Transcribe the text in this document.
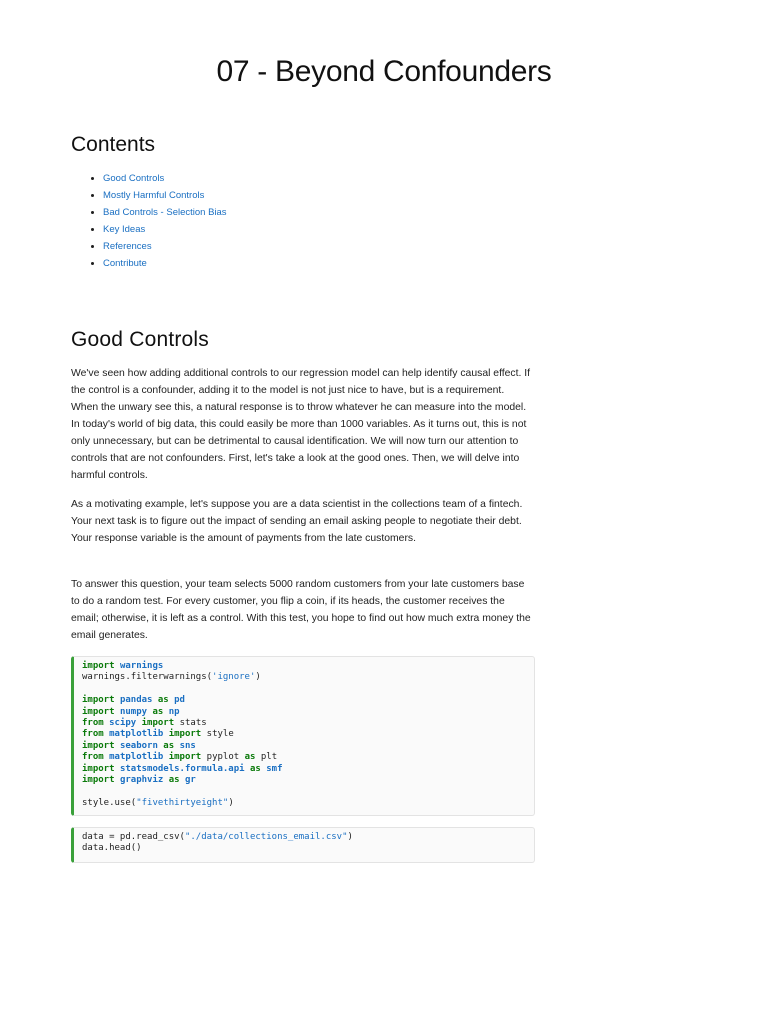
07 - Beyond Confounders
Contents
• Good Controls
• Mostly Harmful Controls
• Bad Controls - Selection Bias
• Key Ideas
• References
• Contribute
Good Controls

We've seen how adding additional controls to our regression model can help identify causal effect. If the control is a confounder, adding it to the model is not just nice to have, but is a requirement. When the unwary see this, a natural response is to throw whatever he can measure into the model. In today's world of big data, this could easily be more than 1000 variables. As it turns out, this is not only unnecessary, but can be detrimental to causal identification. We will now turn our attention to controls that are not confounders. First, let's take a look at the good ones. Then, we will delve into harmful controls.

As a motivating example, let's suppose you are a data scientist in the collections team of a fintech. Your next task is to figure out the impact of sending an email asking people to negotiate their debt. Your response variable is the amount of payments from the late customers.

To answer this question, your team selects 5000 random customers from your late customers base to do a random test. For every customer, you flip a coin, if its heads, the customer receives the email; otherwise, it is left as a control. With this test, you hope to find out how much extra money the email generates.

import warnings
warnings.filterwarnings('ignore')
import pandas as pd
import numpy as np
from scipy import stats
from matplotlib import style
import seaborn as sns
from matplotlib import pyplot as plt
import statsmodels.formula.api as smf
import graphviz as gr
style.use("fivethirtyeight")
data = pd.read_csv("./data/collections_email.csv")
data.head()
